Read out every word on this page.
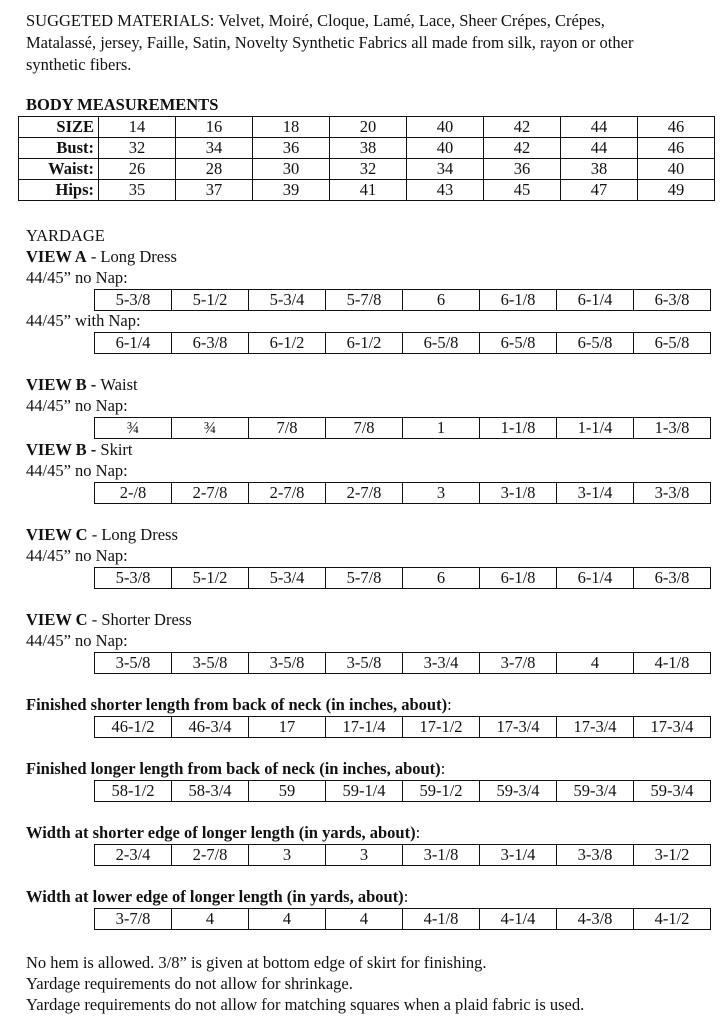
SUGGETED MATERIALS: Velvet, Moiré, Cloque, Lamé, Lace, Sheer Crépes, Crépes,
Matalassé, jersey, Faille, Satin, Novelty Synthetic Fabrics all made from silk, rayon or other
synthetic fibers.
BODY MEASUREMENTS
SIZE	14	16	18	20	40	42	44	46
Bust:	32	34	36	38	40	42	44	46
Waist:	26	28	30	32	34	36	38	40
Hips:	35	37	39	41	43	45	47	49
YARDAGE
VIEW A - Long Dress
44/45” no Nap:
5-3/8	5-1/2	5-3/4	5-7/8	6	6-1/8	6-1/4	6-3/8
44/45” with Nap:
6-1/4	6-3/8	6-1/2	6-1/2	6-5/8	6-5/8	6-5/8	6-5/8
VIEW B - Waist
44/45” no Nap:
¾	¾	7/8	7/8	1	1-1/8	1-1/4	1-3/8
VIEW B - Skirt
44/45” no Nap:
2-/8	2-7/8	2-7/8	2-7/8	3	3-1/8	3-1/4	3-3/8
VIEW C - Long Dress
44/45” no Nap:
5-3/8	5-1/2	5-3/4	5-7/8	6	6-1/8	6-1/4	6-3/8
VIEW C - Shorter Dress
44/45” no Nap:
3-5/8	3-5/8	3-5/8	3-5/8	3-3/4	3-7/8	4	4-1/8
Finished shorter length from back of neck (in inches, about):
46-1/2	46-3/4	17	17-1/4	17-1/2	17-3/4	17-3/4	17-3/4
Finished longer length from back of neck (in inches, about):
58-1/2	58-3/4	59	59-1/4	59-1/2	59-3/4	59-3/4	59-3/4
Width at shorter edge of longer length (in yards, about):
2-3/4	2-7/8	3	3	3-1/8	3-1/4	3-3/8	3-1/2
Width at lower edge of longer length (in yards, about):
3-7/8	4	4	4	4-1/8	4-1/4	4-3/8	4-1/2
No hem is allowed. 3/8” is given at bottom edge of skirt for finishing.
Yardage requirements do not allow for shrinkage.
Yardage requirements do not allow for matching squares when a plaid fabric is used.
